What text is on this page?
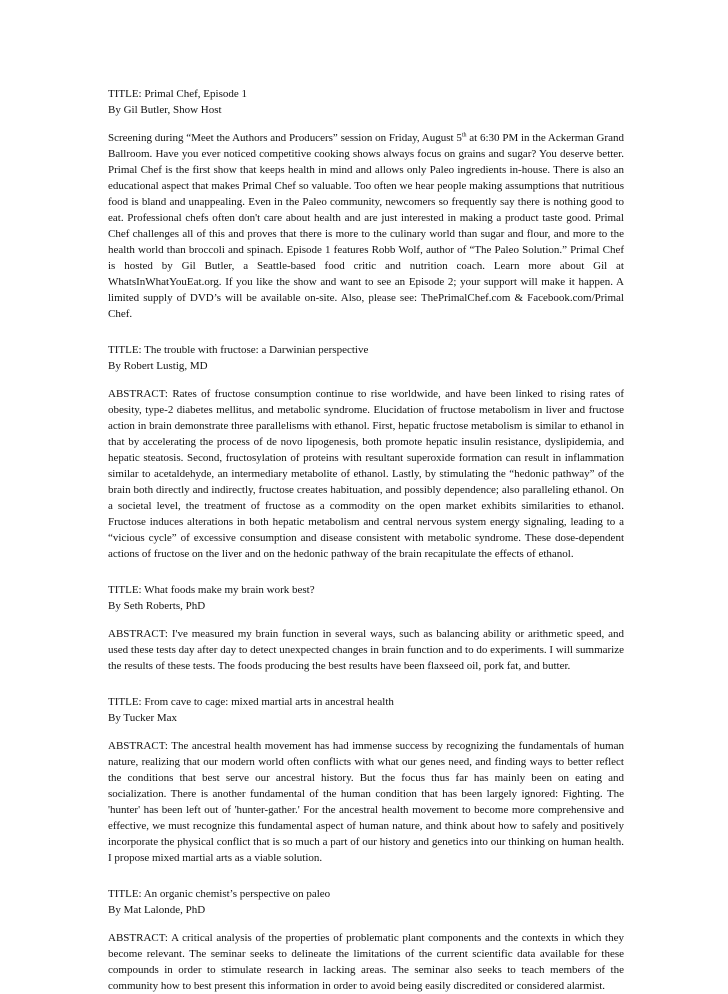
TITLE: Primal Chef, Episode 1

By Gil Butler, Show Host

Screening during “Meet the Authors and Producers” session on Friday, August 5th at 6:30 PM in the Ackerman Grand Ballroom. Have you ever noticed competitive cooking shows always focus on grains and sugar? You deserve better. Primal Chef is the first show that keeps health in mind and allows only Paleo ingredients in-house. There is also an educational aspect that makes Primal Chef so valuable. Too often we hear people making assumptions that nutritious food is bland and unappealing. Even in the Paleo community, newcomers so frequently say there is nothing good to eat. Professional chefs often don't care about health and are just interested in making a product taste good. Primal Chef challenges all of this and proves that there is more to the culinary world than sugar and flour, and more to the health world than broccoli and spinach. Episode 1 features Robb Wolf, author of “The Paleo Solution.” Primal Chef is hosted by Gil Butler, a Seattle-based food critic and nutrition coach. Learn more about Gil at WhatsInWhatYouEat.org. If you like the show and want to see an Episode 2; your support will make it happen. A limited supply of DVD’s will be available on-site. Also, please see: ThePrimalChef.com & Facebook.com/Primal Chef.

TITLE: The trouble with fructose: a Darwinian perspective

By Robert Lustig, MD

ABSTRACT: Rates of fructose consumption continue to rise worldwide, and have been linked to rising rates of obesity, type-2 diabetes mellitus, and metabolic syndrome. Elucidation of fructose metabolism in liver and fructose action in brain demonstrate three parallelisms with ethanol. First, hepatic fructose metabolism is similar to ethanol in that by accelerating the process of de novo lipogenesis, both promote hepatic insulin resistance, dyslipidemia, and hepatic steatosis. Second, fructosylation of proteins with resultant superoxide formation can result in inflammation similar to acetaldehyde, an intermediary metabolite of ethanol. Lastly, by stimulating the “hedonic pathway” of the brain both directly and indirectly, fructose creates habituation, and possibly dependence; also paralleling ethanol. On a societal level, the treatment of fructose as a commodity on the open market exhibits similarities to ethanol. Fructose induces alterations in both hepatic metabolism and central nervous system energy signaling, leading to a “vicious cycle” of excessive consumption and disease consistent with metabolic syndrome. These dose-dependent actions of fructose on the liver and on the hedonic pathway of the brain recapitulate the effects of ethanol.

TITLE: What foods make my brain work best?

By Seth Roberts, PhD

ABSTRACT: I've measured my brain function in several ways, such as balancing ability or arithmetic speed, and used these tests day after day to detect unexpected changes in brain function and to do experiments. I will summarize the results of these tests. The foods producing the best results have been flaxseed oil, pork fat, and butter.

TITLE: From cave to cage: mixed martial arts in ancestral health

By Tucker Max

ABSTRACT: The ancestral health movement has had immense success by recognizing the fundamentals of human nature, realizing that our modern world often conflicts with what our genes need, and finding ways to better reflect the conditions that best serve our ancestral history. But the focus thus far has mainly been on eating and socialization. There is another fundamental of the human condition that has been largely ignored: Fighting. The 'hunter' has been left out of 'hunter-gather.' For the ancestral health movement to become more comprehensive and effective, we must recognize this fundamental aspect of human nature, and think about how to safely and positively incorporate the physical conflict that is so much a part of our history and genetics into our thinking on human health. I propose mixed martial arts as a viable solution.

TITLE: An organic chemist’s perspective on paleo

By Mat Lalonde, PhD

ABSTRACT: A critical analysis of the properties of problematic plant components and the contexts in which they become relevant. The seminar seeks to delineate the limitations of the current scientific data available for these compounds in order to stimulate research in lacking areas. The seminar also seeks to teach members of the community how to best present this information in order to avoid being easily discredited or considered alarmist.
